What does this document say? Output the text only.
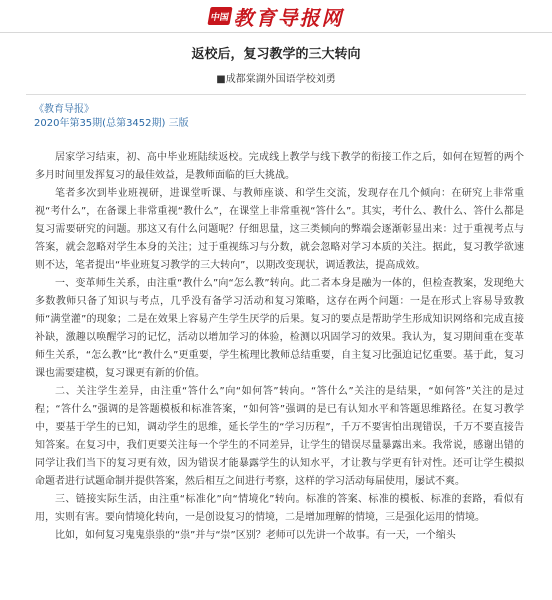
中国 教育导报网
返校后，复习教学的三大转向
■成都棠湖外国语学校刘勇
《教育导报》
2020年第35期(总第3452期) 三版

居家学习结束，初、高中毕业班陆续返校。完成线上教学与线下教学的衔接工作之后，如何在短暂的两个多月时间里发挥复习的最佳效益，是教师面临的巨大挑战。

笔者多次到毕业班视研，进课堂听课、与教师座谈、和学生交流，发现存在几个倾向：在研究上非常重视“考什么”，在备课上非常重视“教什么”，在课堂上非常重视“答什么”。其实，考什么、教什么、答什么都是复习需要研究的问题。那这又有什么问题呢？仔细思量，这三类倾向的弊端会逐渐彰显出来：过于重视考点与答案，就会忽略对学生本身的关注；过于重视练习与分数，就会忽略对学习本质的关注。据此，复习教学欲速则不达，笔者提出“毕业班复习教学的三大转向”，以期改变现状，调适教法，提高成效。

一、变革师生关系，由注重“教什么”向“怎么教”转向。此二者本身是融为一体的，但检查教案，发现绝大多数教师只备了知识与考点，几乎没有备学习活动和复习策略，这存在两个问题：一是在形式上容易导致教师“满堂灌”的现象；二是在效果上容易产生学生厌学的后果。复习的要点是帮助学生形成知识网络和完成直接补缺，激趣以唤醒学习的记忆，活动以增加学习的体验，检测以巩固学习的效果。我认为，复习期间重在变革师生关系，“怎么教”比“教什么”更重要，学生梳理比教师总结重要，自主复习比强迫记忆重要。基于此，复习课也需要建模，复习课更有新的价值。

二、关注学生差异，由注重“答什么”向“如何答”转向。“答什么”关注的是结果，“如何答”关注的是过程；“答什么”强调的是答题模板和标准答案，“如何答”强调的是已有认知水平和答题思维路径。在复习教学中，要基于学生的已知，调动学生的思维，延长学生的“学习历程”，千万不要害怕出现错误，千万不要直接告知答案。在复习中，我们更要关注每一个学生的不同差异，让学生的错误尽量暴露出来。我常说，感谢出错的同学让我们当下的复习更有效，因为错误才能暴露学生的认知水平，才让教与学更有针对性。还可让学生模拟命题者进行试题命制并提供答案，然后相互之间进行考察，这样的学习活动每届使用，屡试不爽。

三、链接实际生活，由注重“标准化”向“情境化”转向。标准的答案、标准的模板、标准的套路，看似有用，实则有害。要向情境化转向，一是创设复习的情境，二是增加理解的情境，三是强化运用的情境。

比如，如何复习鬼鬼祟祟的“祟”并与“崇”区别？老师可以先讲一个故事。有一天，一个缩头
